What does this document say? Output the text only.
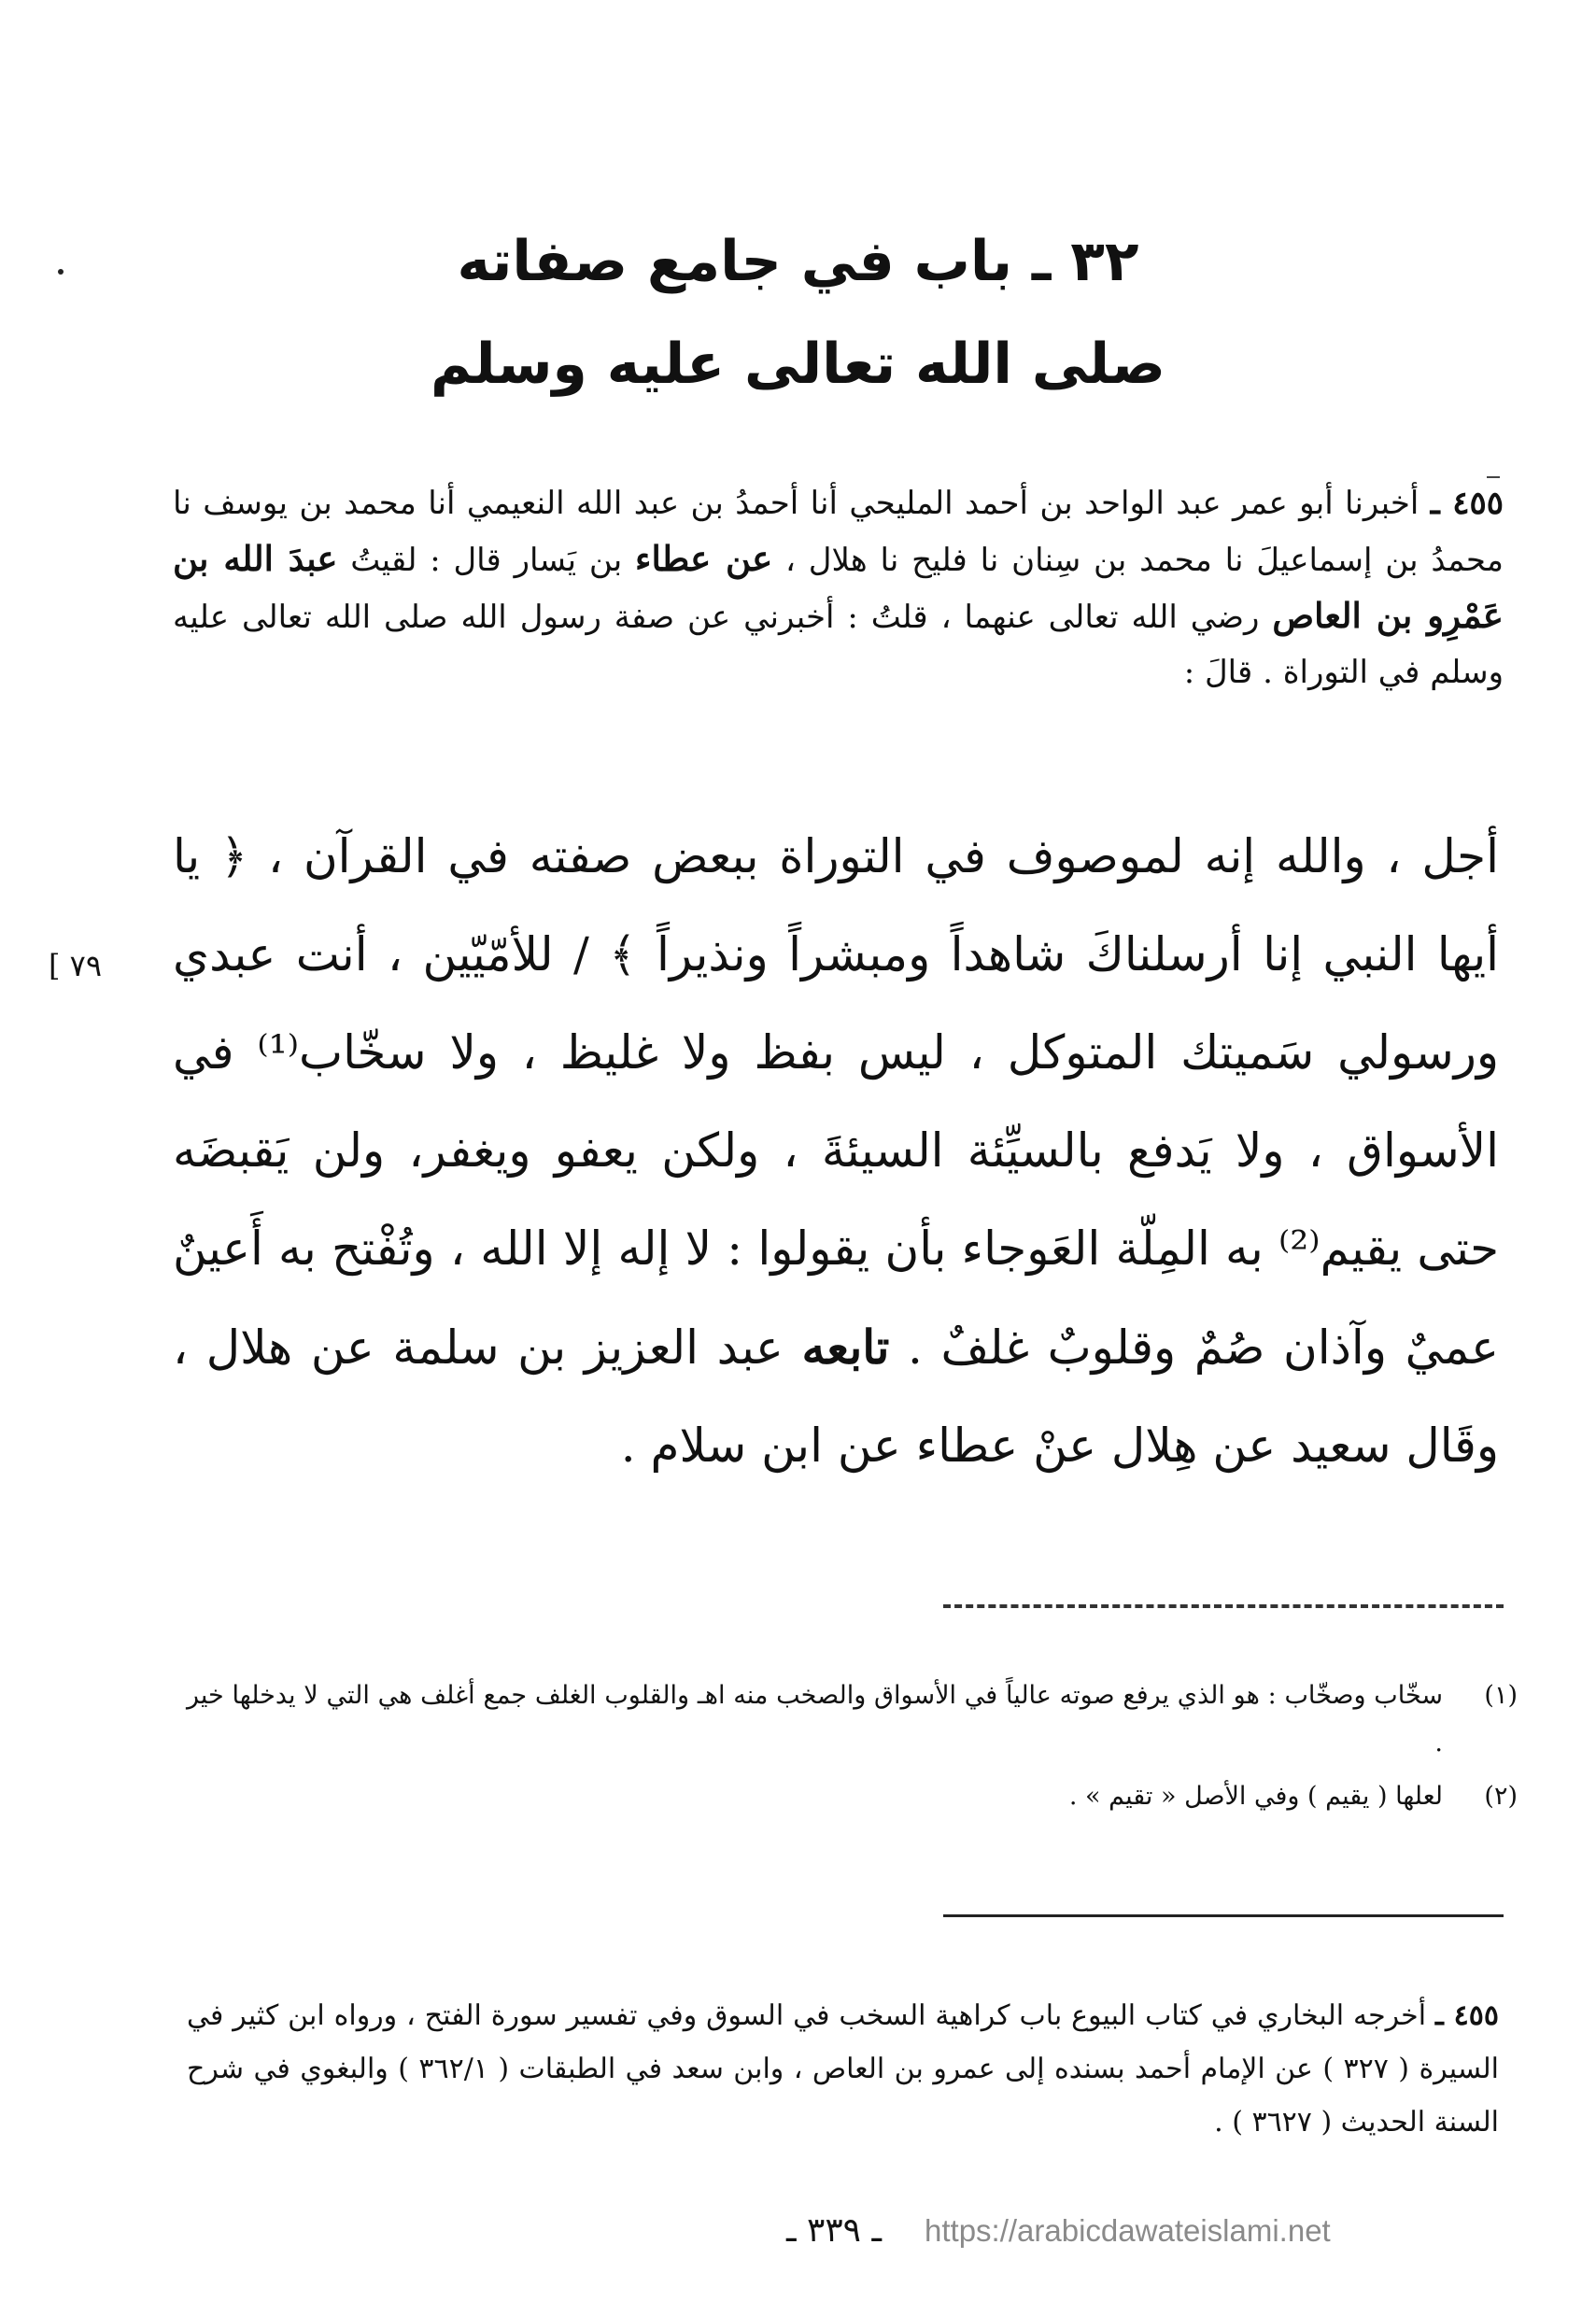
٣٢ ـ باب في جامع صفاته
صلى الله تعالى عليه وسلم
٤٥٥ ـ أخبرنا أبو عمر عبد الواحد بن أحمد المليحي أنا أحمدُ بن عبد الله النعيمي أنا محمد بن يوسف نا محمدُ بن إسماعيلَ نا محمد بن سِنان نا فليح نا هلال ، عن عطاء بن يَسار قال : لقيتُ عبدَ الله بن عَمْرِو بن العاص رضي الله تعالى عنهما ، قلتُ : أخبرني عن صفة رسول الله صلى الله تعالى عليه وسلم في التوراة . قالَ :
أجل ، والله إنه لموصوف في التوراة ببعض صفته في القرآن ، ﴿ يا أيها النبي إنا أرسلناكَ شاهداً ومبشراً ونذيراً ﴾ / للأمّيّين ، أنت عبدي ورسولي سَميتك المتوكل ، ليس بفظ ولا غليظ ، ولا سخّاب⁽¹⁾ في الأسواق ، ولا يَدفع بالسيِّئة السيئةَ ، ولكن يعفو ويغفر، ولن يَقبضَه حتى يقيم⁽²⁾ به المِلّة العَوجاء بأن يقولوا : لا إله إلا الله ، وتُفْتح به أَعينٌ عميٌ وآذان صُمٌ وقلوبٌ غلفٌ . تابعه عبد العزيز بن سلمة عن هلال ، وقَال سعيد عن هِلال عنْ عطاء عن ابن سلام .
[ ٧٩
(١)
سخّاب وصخّاب : هو الذي يرفع صوته عالياً في الأسواق والصخب منه اهـ والقلوب الغلف جمع أغلف هي التي لا يدخلها خير .
(٢)
لعلها ( يقيم ) وفي الأصل « تقيم » .
٤٥٥ ـ أخرجه البخاري في كتاب البيوع باب كراهية السخب في السوق وفي تفسير سورة الفتح ، ورواه ابن كثير في السيرة ( ٣٢٧ ) عن الإمام أحمد بسنده إلى عمرو بن العاص ، وابن سعد في الطبقات ( ٣٦٢/١ ) والبغوي في شرح السنة الحديث ( ٣٦٢٧ ) .
ـ ٣٣٩ ـ https://arabicdawateislami.net
